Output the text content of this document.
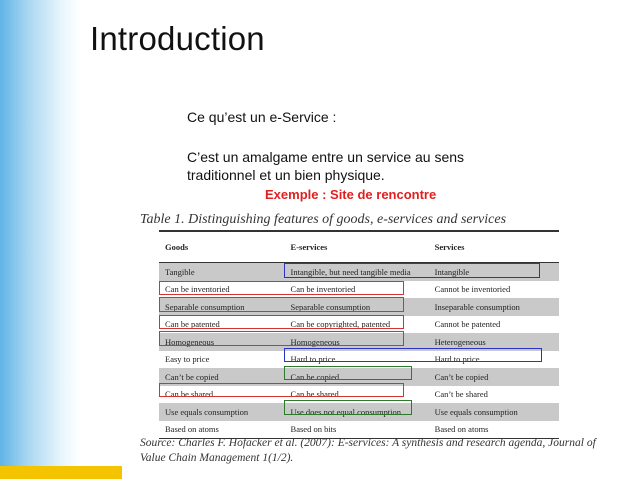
Introduction
Ce qu’est un e-Service :
C’est un amalgame entre un service au sens traditionnel et un bien physique.
Exemple : Site de rencontre
Table 1. Distinguishing features of goods, e-services and services
Goods	E-services	Services
Tangible	Intangible, but need tangible media	Intangible
Can be inventoried	Can be inventoried	Cannot be inventoried
Separable consumption	Separable consumption	Inseparable consumption
Can be patented	Can be copyrighted, patented	Cannot be patented
Homogeneous	Homogeneous	Heterogeneous
Easy to price	Hard to price	Hard to price
Can’t be copied	Can be copied	Can’t be copied
Can be shared	Can be shared	Can’t be shared
Use equals consumption	Use does not equal consumption	Use equals consumption
Based on atoms	Based on bits	Based on atoms
Source: Charles F. Hofacker et al. (2007): E-services: A synthesis and research agenda, Journal of Value Chain Management 1(1/2).
